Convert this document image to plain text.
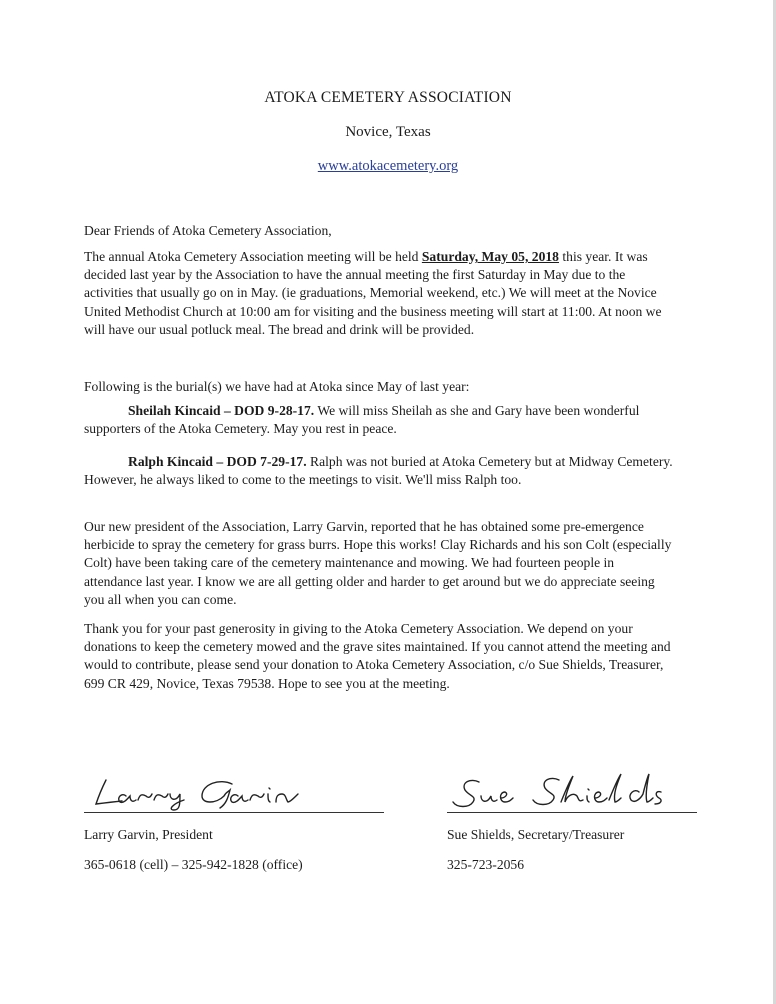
ATOKA CEMETERY ASSOCIATION
Novice, Texas
www.atokacemetery.org
Dear Friends of Atoka Cemetery Association,

The annual Atoka Cemetery Association meeting will be held Saturday, May 05, 2018 this year. It was decided last year by the Association to have the annual meeting the first Saturday in May due to the activities that usually go on in May. (ie graduations, Memorial weekend, etc.) We will meet at the Novice United Methodist Church at 10:00 am for visiting and the business meeting will start at 11:00. At noon we will have our usual potluck meal. The bread and drink will be provided.

Following is the burial(s) we have had at Atoka since May of last year:

Sheilah Kincaid – DOD 9-28-17. We will miss Sheilah as she and Gary have been wonderful supporters of the Atoka Cemetery. May you rest in peace.

Ralph Kincaid – DOD 7-29-17. Ralph was not buried at Atoka Cemetery but at Midway Cemetery. However, he always liked to come to the meetings to visit. We'll miss Ralph too.

Our new president of the Association, Larry Garvin, reported that he has obtained some pre-emergence herbicide to spray the cemetery for grass burrs. Hope this works! Clay Richards and his son Colt (especially Colt) have been taking care of the cemetery maintenance and mowing. We had fourteen people in attendance last year. I know we are all getting older and harder to get around but we do appreciate seeing you all when you can come.

Thank you for your past generosity in giving to the Atoka Cemetery Association. We depend on your donations to keep the cemetery mowed and the grave sites maintained. If you cannot attend the meeting and would to contribute, please send your donation to Atoka Cemetery Association, c/o Sue Shields, Treasurer, 699 CR 429, Novice, Texas 79538. Hope to see you at the meeting.

Larry Garvin, President
365-0618 (cell) – 325-942-1828 (office)
Sue Shields, Secretary/Treasurer
325-723-2056
